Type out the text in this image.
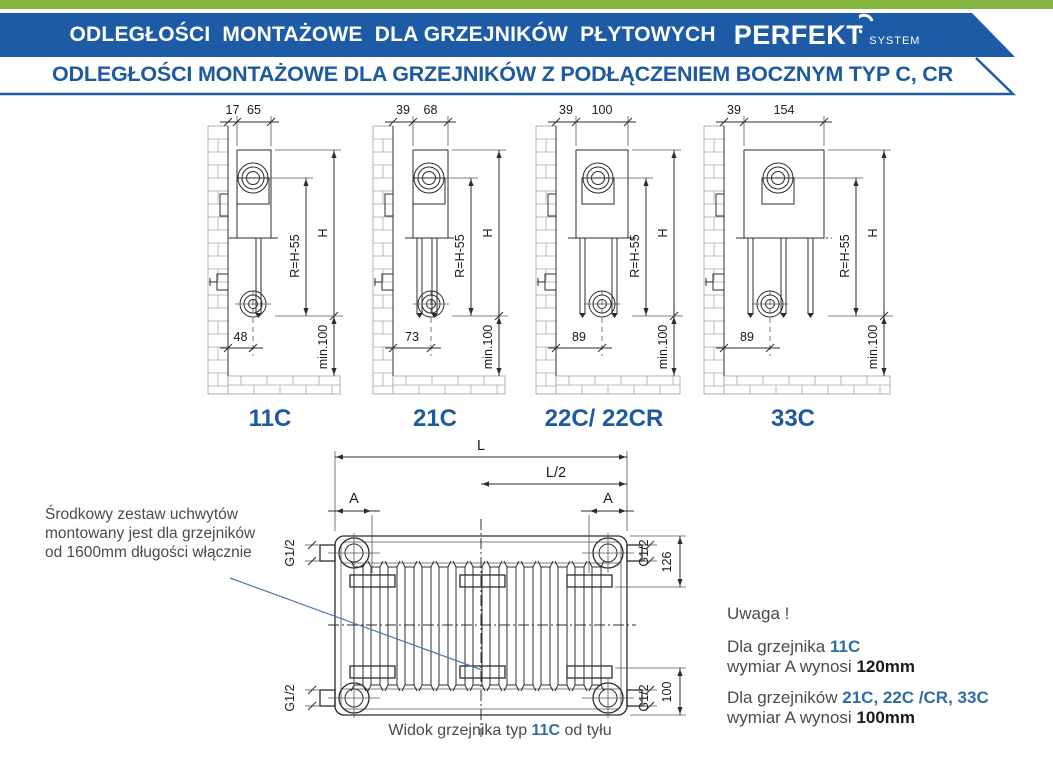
ODLEGŁOŚCI  MONTAŻOWE  DLA GRZEJNIKÓW  PŁYTOWYCH PERFEKT SYSTEM
ODLEGŁOŚCI MONTAŻOWE DLA GRZEJNIKÓW Z PODŁĄCZENIEM BOCZNYM TYP C, CR
17 65
H
R=H-55
min.100
48
11C
39 68
H
R=H-55
min.100
73
21C
39 100
H
R=H-55
min.100
89
22C/ 22CR
39	154
H
R=H-55
min.100
89
33C
L
L/2
A	A
G1/2
G1/2
G1/2
G1/2
126
100
Środkowy zestaw uchwytów
montowany jest dla grzejników
od 1600mm długości włącznie

Uwaga !

Dla grzejnika 11C
wymiar A wynosi 120mm

Dla grzejników 21C, 22C /CR, 33C
wymiar A wynosi 100mm

Widok grzejnika typ 11C od tyłu
